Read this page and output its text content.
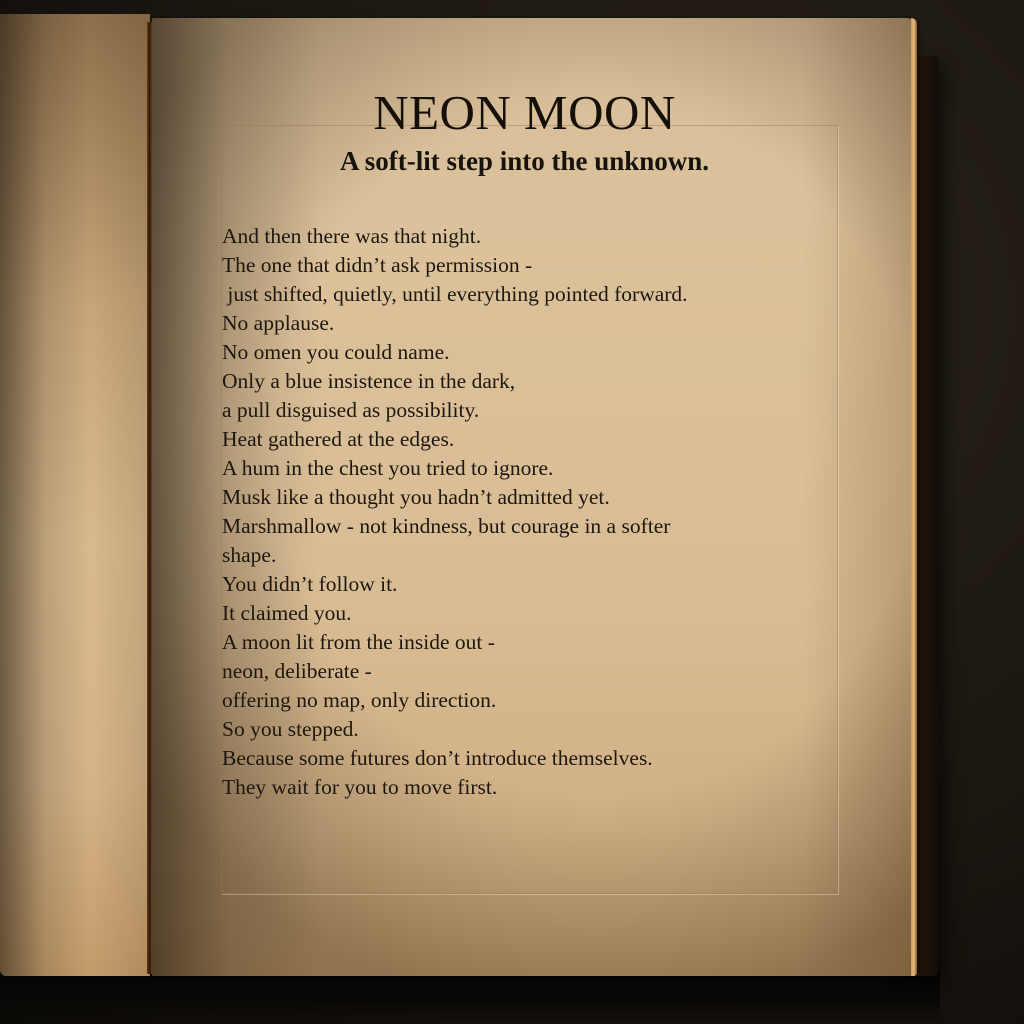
NEON MOON
A soft-lit step into the unknown.
And then there was that night.
The one that didn’t ask permission -
just shifted, quietly, until everything pointed forward.
No applause.
No omen you could name.
Only a blue insistence in the dark,
a pull disguised as possibility.
Heat gathered at the edges.
A hum in the chest you tried to ignore.
Musk like a thought you hadn’t admitted yet.
Marshmallow - not kindness, but courage in a softer
shape.
You didn’t follow it.
It claimed you.
A moon lit from the inside out -
neon, deliberate -
offering no map, only direction.
So you stepped.
Because some futures don’t introduce themselves.
They wait for you to move first.
